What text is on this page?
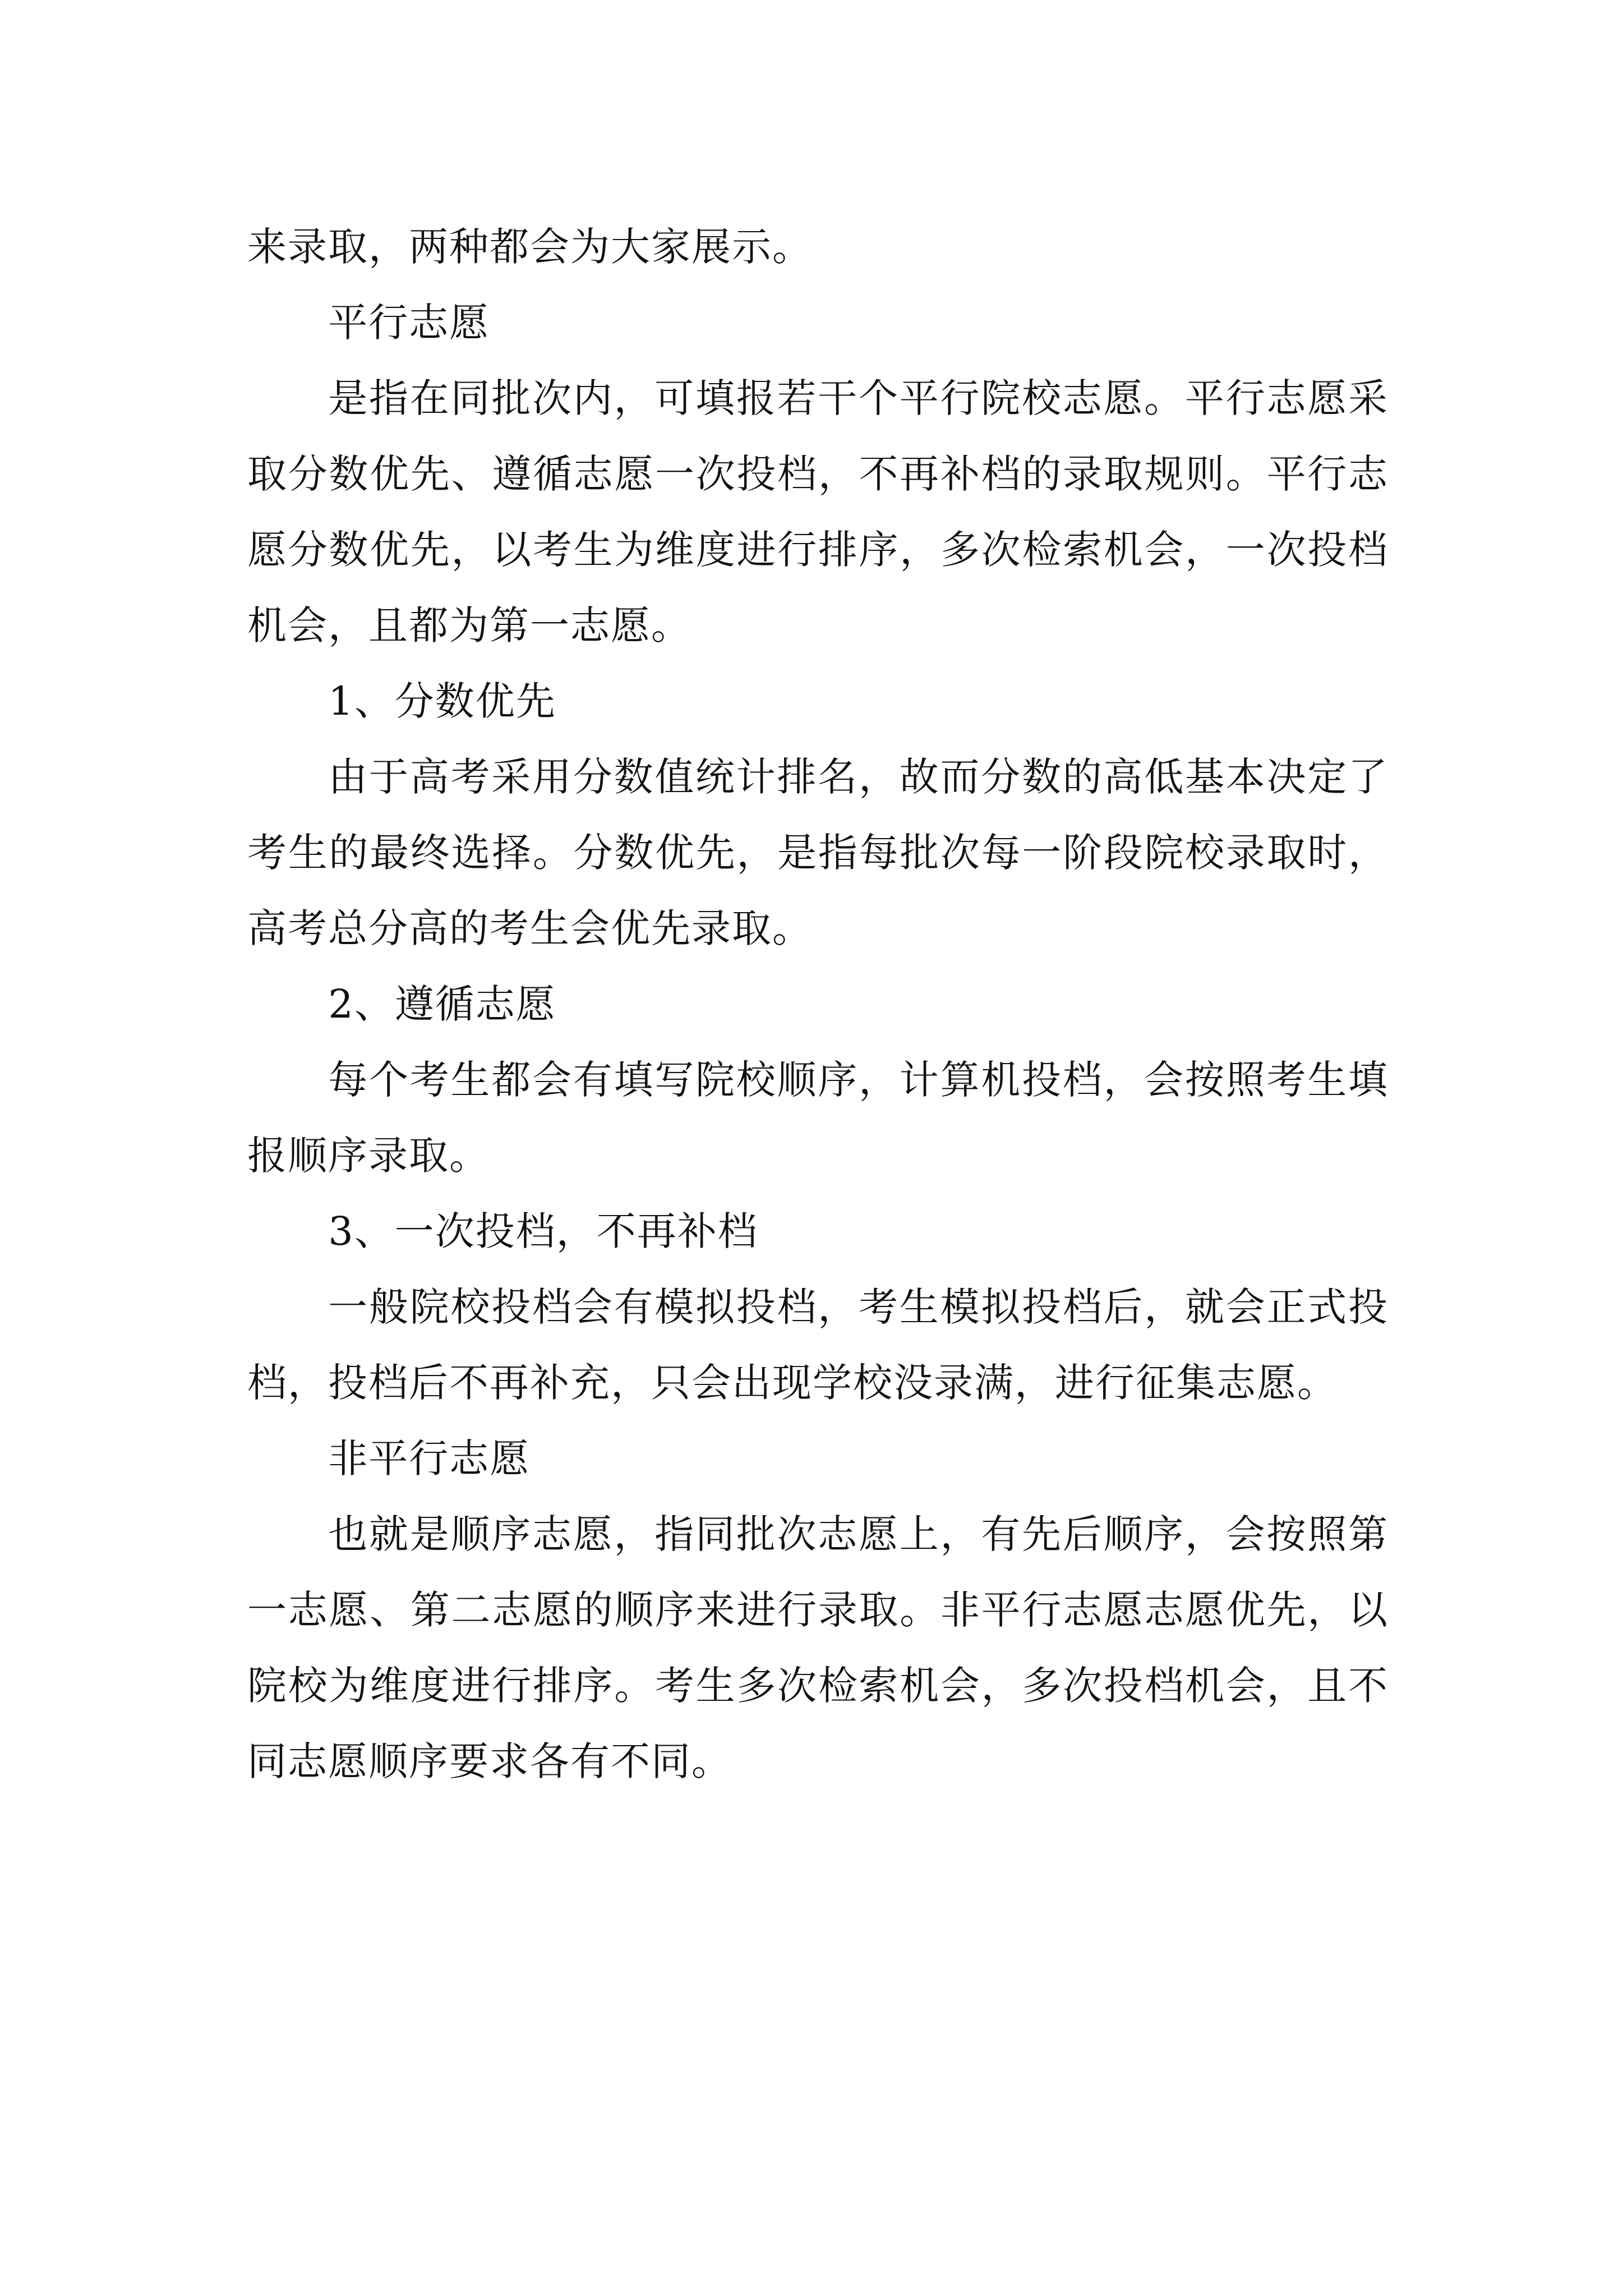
来录取，两种都会为大家展示。

平行志愿

是指在同批次内，可填报若干个平行院校志愿。平行志愿采取分数优先、遵循志愿一次投档，不再补档的录取规则。平行志愿分数优先，以考生为维度进行排序，多次检索机会，一次投档机会，且都为第一志愿。

1、分数优先

由于高考采用分数值统计排名，故而分数的高低基本决定了考生的最终选择。分数优先，是指每批次每一阶段院校录取时，高考总分高的考生会优先录取。

2、遵循志愿

每个考生都会有填写院校顺序，计算机投档，会按照考生填报顺序录取。

3、一次投档，不再补档

一般院校投档会有模拟投档，考生模拟投档后，就会正式投档，投档后不再补充，只会出现学校没录满，进行征集志愿。

非平行志愿

也就是顺序志愿，指同批次志愿上，有先后顺序，会按照第一志愿、第二志愿的顺序来进行录取。非平行志愿志愿优先，以院校为维度进行排序。考生多次检索机会，多次投档机会，且不同志愿顺序要求各有不同。
